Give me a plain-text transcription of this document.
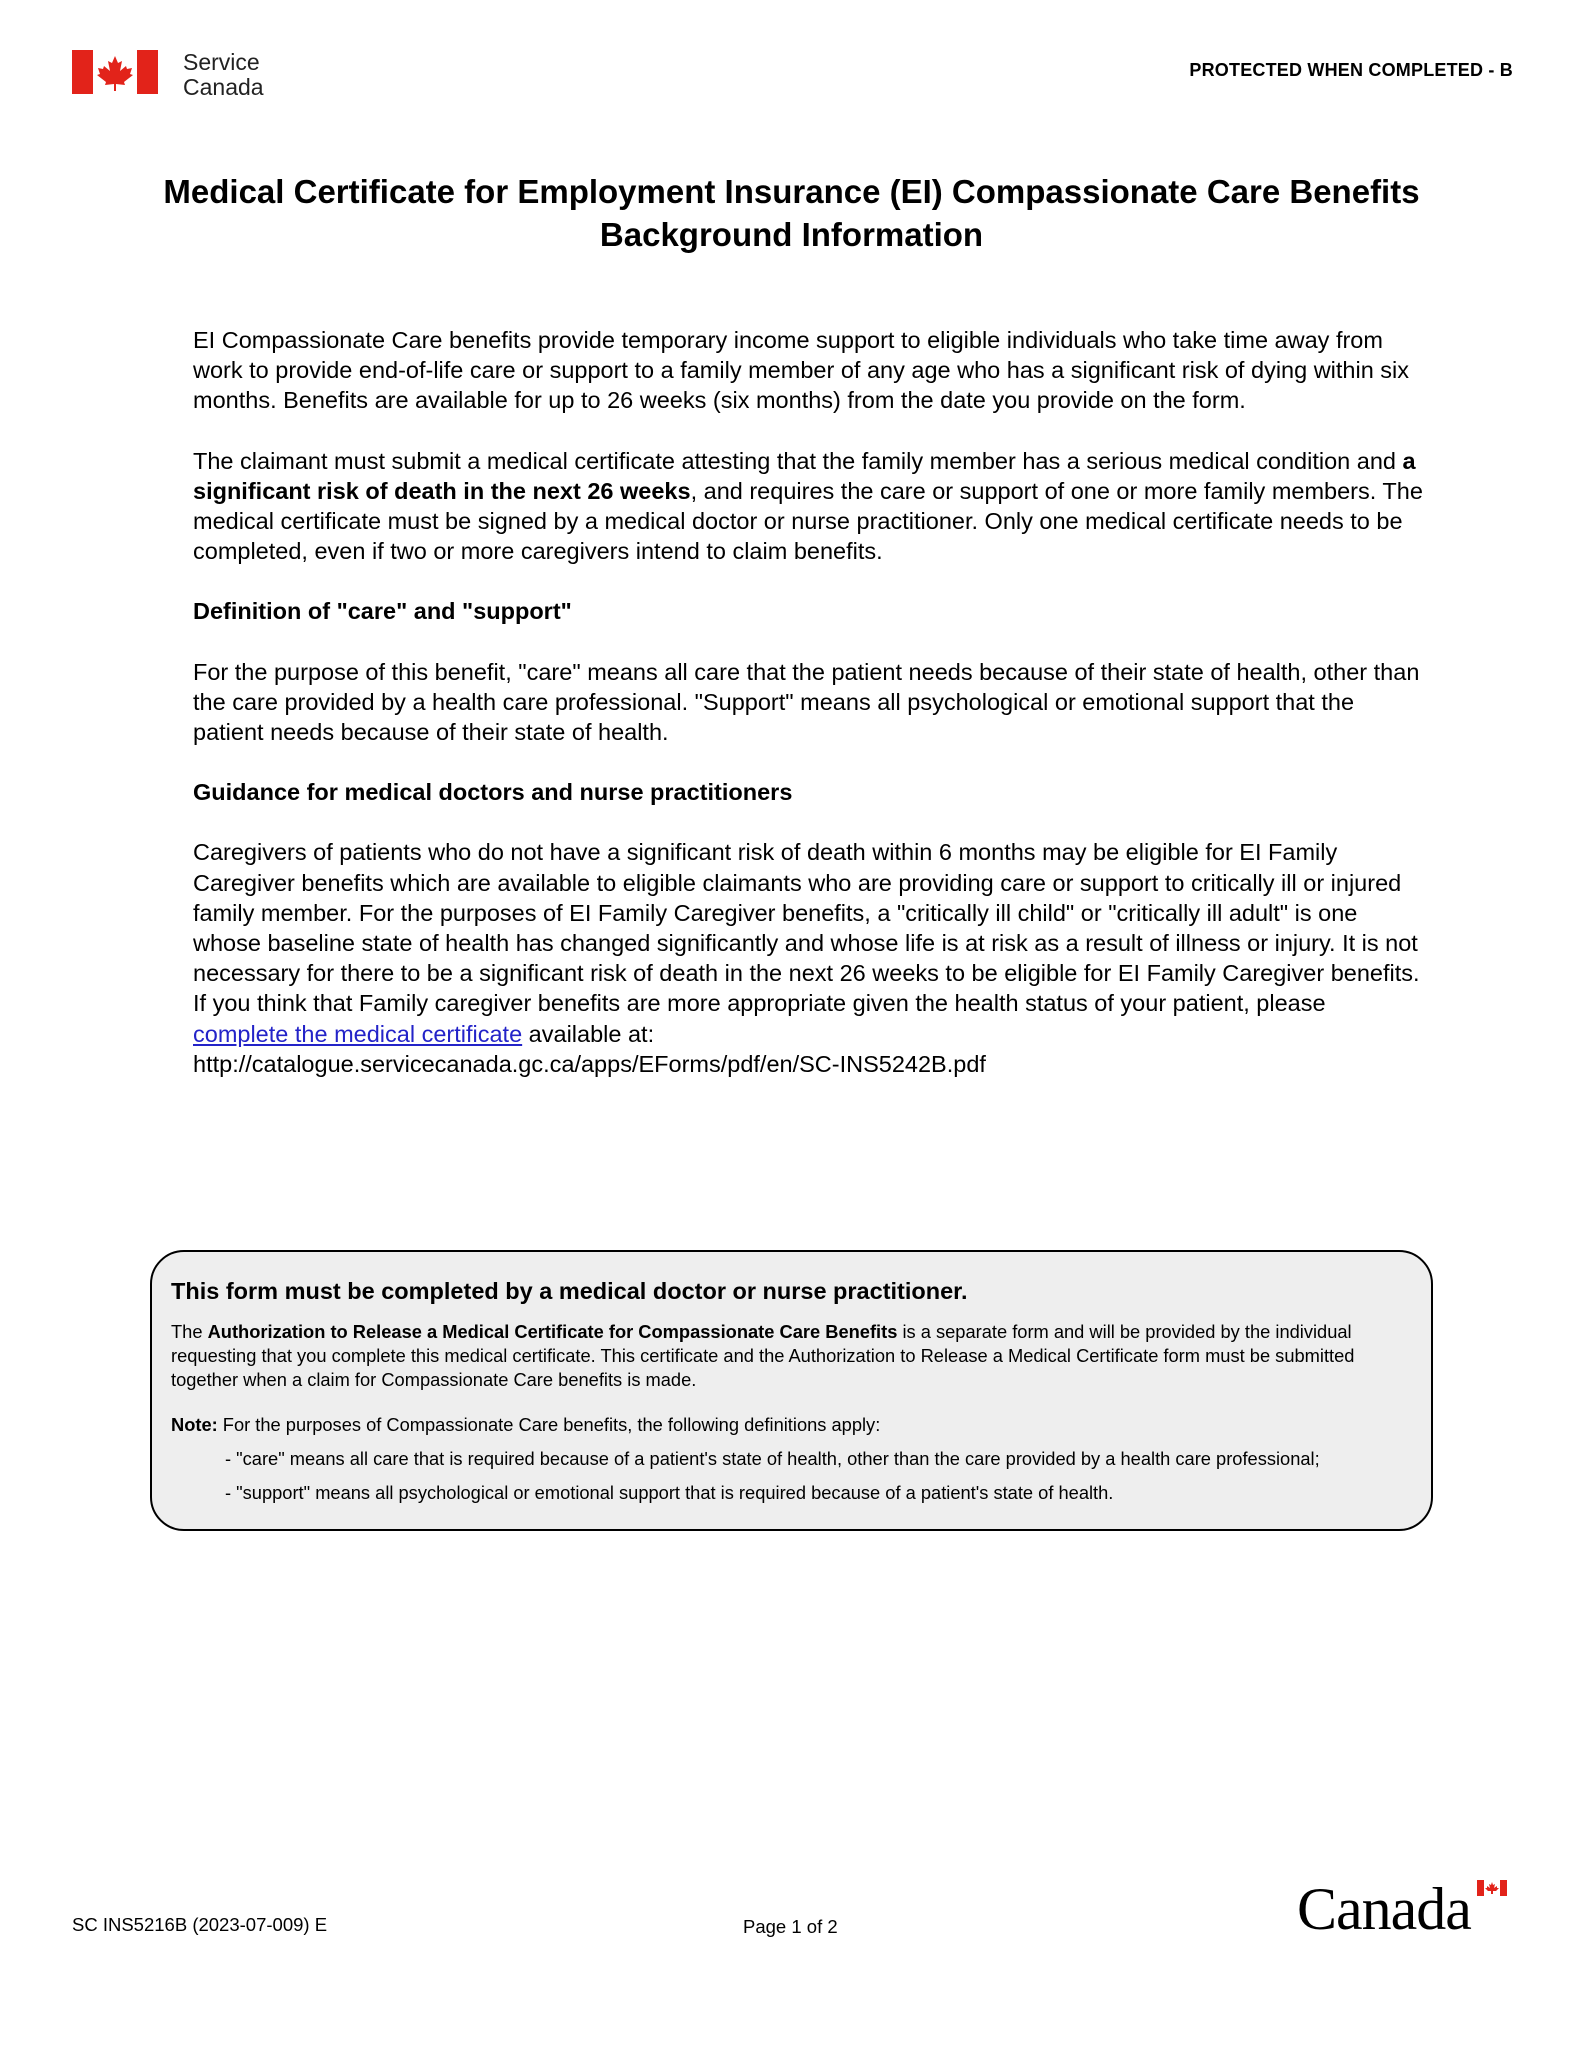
Service
Canada
PROTECTED WHEN COMPLETED - B
Medical Certificate for Employment Insurance (EI) Compassionate Care Benefits
Background Information

EI Compassionate Care benefits provide temporary income support to eligible individuals who take time away from work to provide end-of-life care or support to a family member of any age who has a significant risk of dying within six months. Benefits are available for up to 26 weeks (six months) from the date you provide on the form.

The claimant must submit a medical certificate attesting that the family member has a serious medical condition and a significant risk of death in the next 26 weeks, and requires the care or support of one or more family members. The medical certificate must be signed by a medical doctor or nurse practitioner. Only one medical certificate needs to be completed, even if two or more caregivers intend to claim benefits.

Definition of "care" and "support"

For the purpose of this benefit, "care" means all care that the patient needs because of their state of health, other than the care provided by a health care professional. "Support" means all psychological or emotional support that the patient needs because of their state of health.

Guidance for medical doctors and nurse practitioners

Caregivers of patients who do not have a significant risk of death within 6 months may be eligible for EI Family Caregiver benefits which are available to eligible claimants who are providing care or support to critically ill or injured family member. For the purposes of EI Family Caregiver benefits, a "critically ill child" or "critically ill adult" is one whose baseline state of health has changed significantly and whose life is at risk as a result of illness or injury. It is not necessary for there to be a significant risk of death in the next 26 weeks to be eligible for EI Family Caregiver benefits. If you think that Family caregiver benefits are more appropriate given the health status of your patient, please complete the medical certificate available at:
http://catalogue.servicecanada.gc.ca/apps/EForms/pdf/en/SC-INS5242B.pdf

This form must be completed by a medical doctor or nurse practitioner.
The Authorization to Release a Medical Certificate for Compassionate Care Benefits is a separate form and will be provided by the individual requesting that you complete this medical certificate. This certificate and the Authorization to Release a Medical Certificate form must be submitted together when a claim for Compassionate Care benefits is made.
Note: For the purposes of Compassionate Care benefits, the following definitions apply:
- "care" means all care that is required because of a patient's state of health, other than the care provided by a health care professional;
- "support" means all psychological or emotional support that is required because of a patient's state of health.
SC INS5216B (2023-07-009) E	Page 1 of 2	Canada
